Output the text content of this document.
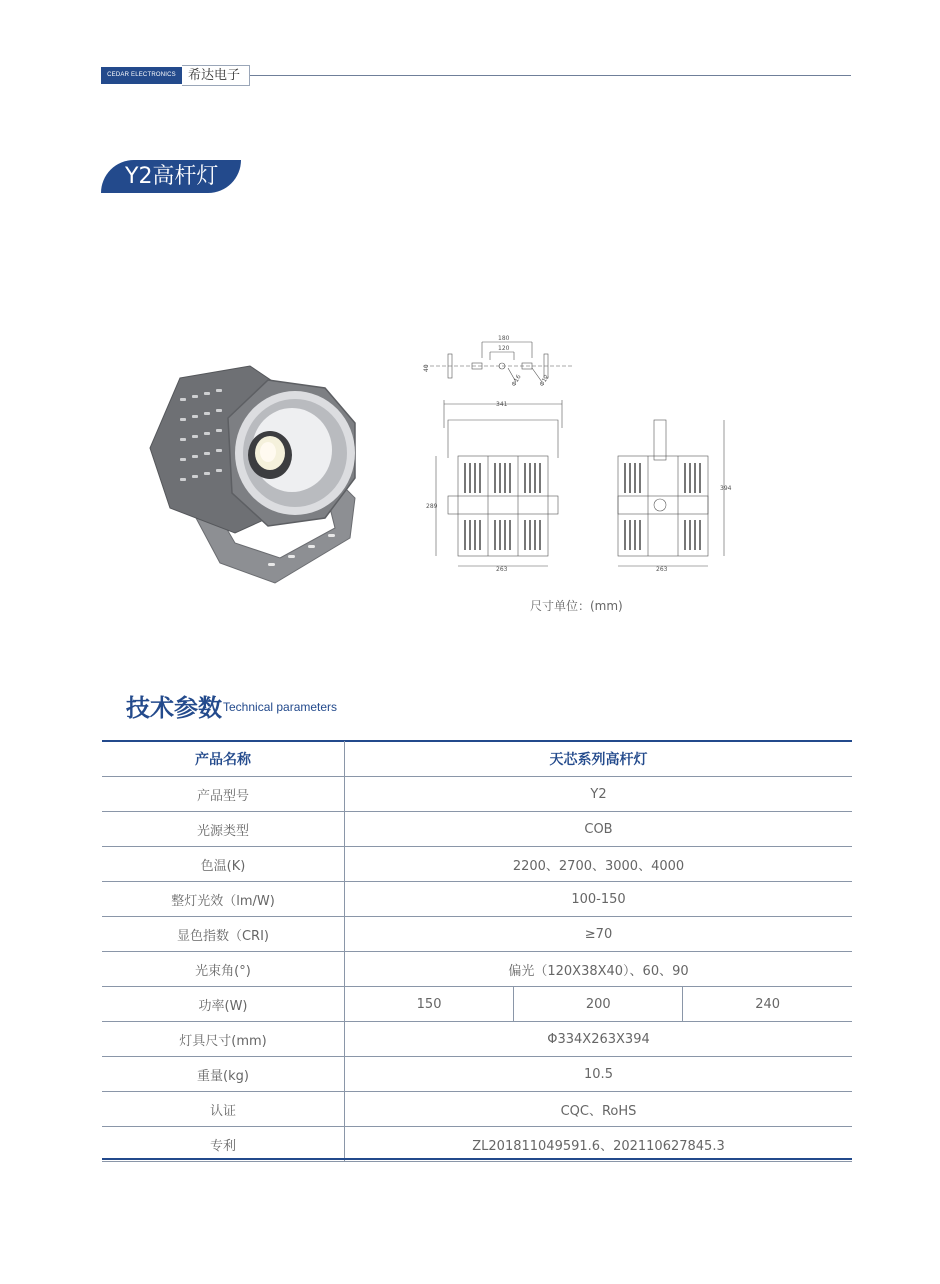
CEDAR ELECTRONICS 希达电子
Y2高杆灯
180
120
40
Φ16	Φ12
341
289
263
394
263
尺寸单位：(mm)
技术参数 Technical parameters
产品名称	天芯系列高杆灯		
产品型号	Y2		
光源类型	COB		
色温(K)	2200、2700、3000、4000		
整灯光效（lm/W)	100-150		
显色指数（CRI)	≥70		
光束角(°)	偏光（120X38X40）、60、90		
功率(W)	150	200	240
灯具尺寸(mm)	Φ334X263X394		
重量(kg)	10.5		
认证	CQC、RoHS		
专利	ZL201811049591.6、202110627845.3		
